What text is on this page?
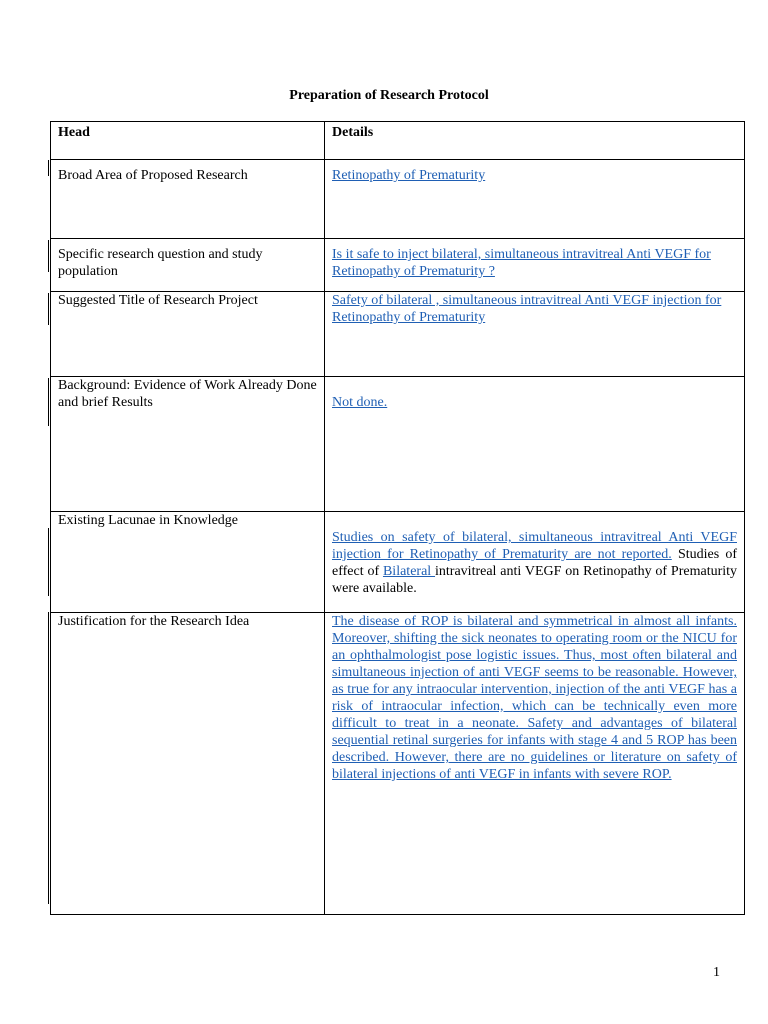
Preparation of Research Protocol
Head	Details
Broad Area of Proposed Research	Retinopathy of Prematurity
Specific research question and study population	Is it safe to inject bilateral, simultaneous intravitreal Anti VEGF for Retinopathy of Prematurity ?
Suggested Title of Research Project	Safety of bilateral , simultaneous intravitreal Anti VEGF injection for Retinopathy of Prematurity
Background: Evidence of Work Already Done and brief Results	Not done.
Existing Lacunae in Knowledge	Studies on safety of bilateral, simultaneous intravitreal Anti VEGF injection for Retinopathy of Prematurity are not reported. Studies of effect of Bilateral intravitreal anti VEGF on Retinopathy of Prematurity were available.
Justification for the Research Idea	The disease of ROP is bilateral and symmetrical in almost all infants. Moreover, shifting the sick neonates to operating room or the NICU for an ophthalmologist pose logistic issues. Thus, most often bilateral and simultaneous injection of anti VEGF seems to be reasonable. However, as true for any intraocular intervention, injection of the anti VEGF has a risk of intraocular infection, which can be technically even more difficult to treat in a neonate. Safety and advantages of bilateral sequential retinal surgeries for infants with stage 4 and 5 ROP has been described. However, there are no guidelines or literature on safety of bilateral injections of anti VEGF in infants with severe ROP.
1
